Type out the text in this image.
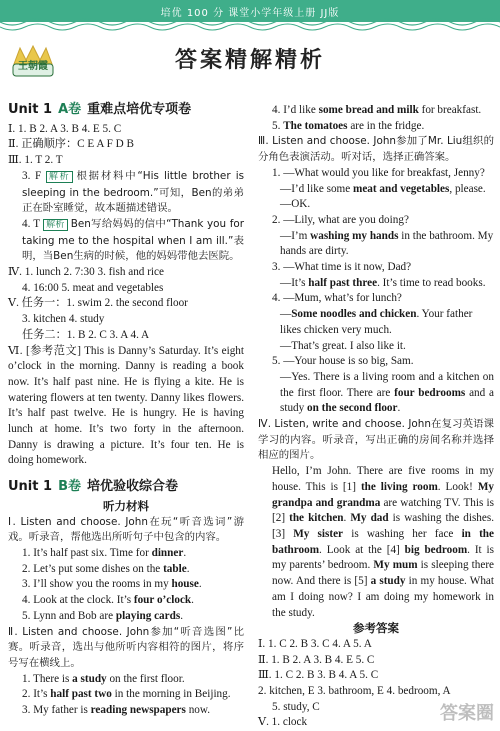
培优 100 分 课堂小学年级上册 JJ版
王朝霞	答案精解精析

Unit 1 A卷 重难点培优专项卷

Ⅰ. 1. B 2. A 3. B 4. E 5. C

Ⅱ. 正确顺序：C E A F D B

Ⅲ. 1. T 2. T

3. F 解析 根据材料中“His little brother is sleeping in the bedroom.”可知，Ben的弟弟正在卧室睡觉，故本题描述错误。

4. T 解析 Ben写给妈妈的信中“Thank you for taking me to the hospital when I am ill.”表明，当Ben生病的时候，他的妈妈带他去医院。

Ⅳ. 1. lunch 2. 7:30 3. fish and rice

4. 16:00 5. meat and vegetables

Ⅴ. 任务一：1. swim 2. the second floor

3. kitchen 4. study

任务二：1. B 2. C 3. A 4. A

Ⅵ. [参考范文] This is Danny’s Saturday. It’s eight o’clock in the morning. Danny is reading a book now. It’s half past nine. He is flying a kite. He is watering flowers at ten twenty. Danny likes flowers. It’s half past twelve. He is hungry. He is having lunch at home. It’s two forty in the afternoon. Danny is drawing a picture. It’s four ten. He is doing homework.

Unit 1 B卷 培优验收综合卷

听力材料

Ⅰ. Listen and choose. John在玩“听音选词”游戏。听录音，帮他选出所听句子中包含的内容。

1. It’s half past six. Time for dinner.

2. Let’s put some dishes on the table.

3. I’ll show you the rooms in my house.

4. Look at the clock. It’s four o’clock.

5. Lynn and Bob are playing cards.

Ⅱ. Listen and choose. John参加“听音选图”比赛。听录音，选出与他所听内容相符的图片，将序号写在横线上。

1. There is a study on the first floor.

2. It’s half past two in the morning in Beijing.

3. My father is reading newspapers now.

4. I’d like some bread and milk for breakfast.

5. The tomatoes are in the fridge.

Ⅲ. Listen and choose. John参加了Mr. Liu组织的分角色表演活动。听对话，选择正确答案。

1. —What would you like for breakfast, Jenny?

—I’d like some meat and vegetables, please.

—OK.

2. —Lily, what are you doing?

—I’m washing my hands in the bathroom. My hands are dirty.

3. —What time is it now, Dad?

—It’s half past three. It’s time to read books.

4. —Mum, what’s for lunch?

—Some noodles and chicken. Your father likes chicken very much.

—That’s great. I also like it.

5. —Your house is so big, Sam.

—Yes. There is a living room and a kitchen on the first floor. There are four bedrooms and a study on the second floor.

Ⅳ. Listen, write and choose. John在复习英语课学习的内容。听录音，写出正确的房间名称并选择相应的图片。

Hello, I’m John. There are five rooms in my house. This is [1] the living room. Look! My grandpa and grandma are watching TV. This is [2] the kitchen. My dad is washing the dishes. [3] My sister is washing her face in the bathroom. Look at the [4] big bedroom. It is my parents’ bedroom. My mum is sleeping there now. And there is [5] a study in my house. What am I doing now? I am doing my homework in the study.

参考答案

Ⅰ. 1. C 2. B 3. C 4. A 5. A

Ⅱ. 1. B 2. A 3. B 4. E 5. C

Ⅲ. 1. C 2. B 3. B 4. A 5. C

2. kitchen, E 3. bathroom, E 4. bedroom, A

5. study, C

Ⅴ. 1. clock	答案圈
